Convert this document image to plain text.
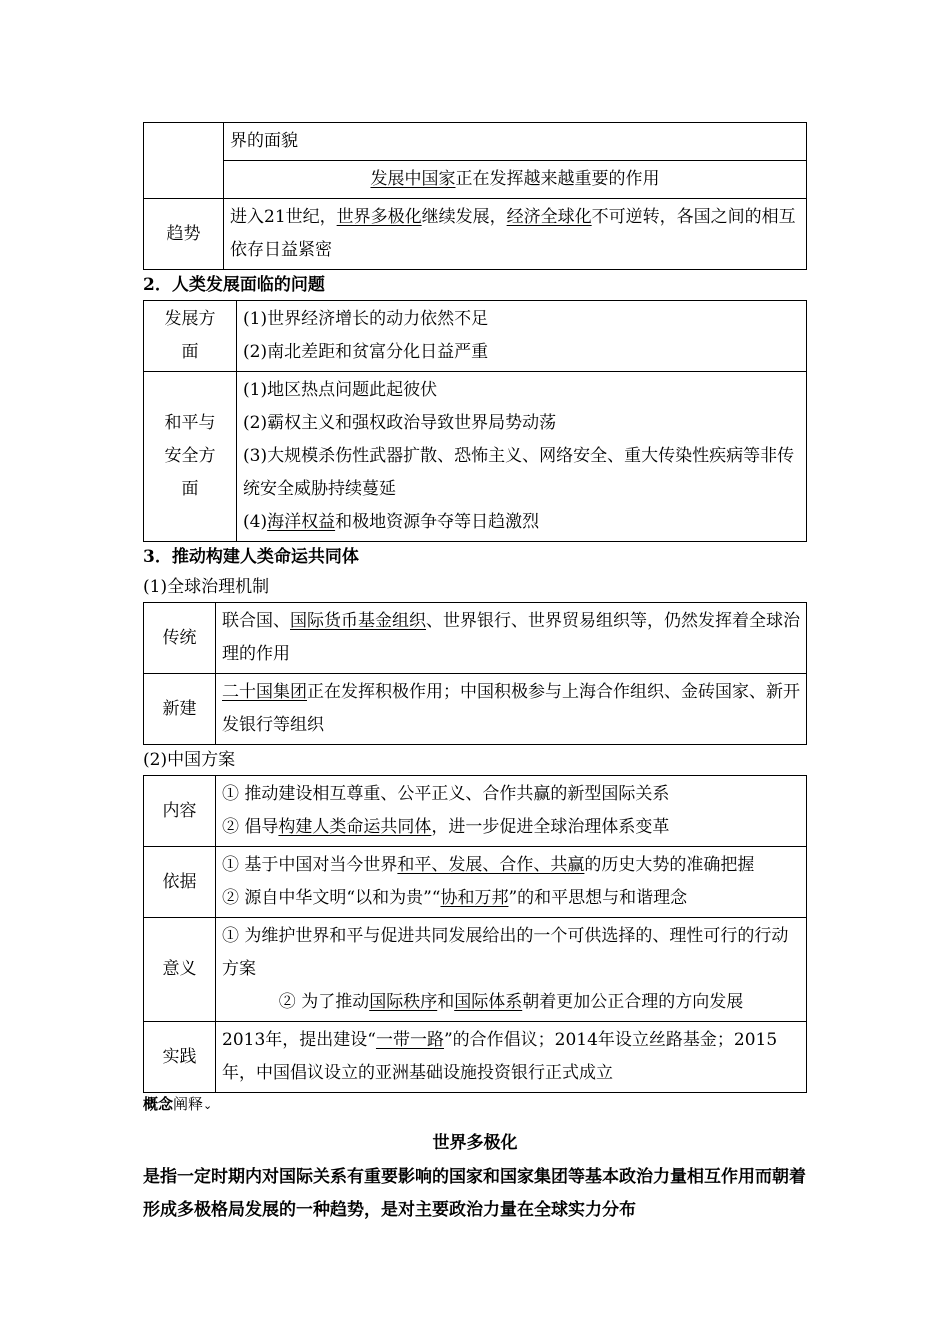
	界的面貌
	发展中国家正在发挥越来越重要的作用
趋势	进入21世纪，世界多极化继续发展，经济全球化不可逆转，各国之间的相互依存日益紧密
2．人类发展面临的问题
发展方面	(1)世界经济增长的动力依然不足
(2)南北差距和贫富分化日益严重

和平与安全方面	(1)地区热点问题此起彼伏
(2)霸权主义和强权政治导致世界局势动荡
(3)大规模杀伤性武器扩散、恐怖主义、网络安全、重大传染性疾病等非传统安全威胁持续蔓延
(4)海洋权益和极地资源争夺等日趋激烈
3．推动构建人类命运共同体
(1)全球治理机制
传统	联合国、国际货币基金组织、世界银行、世界贸易组织等，仍然发挥着全球治理的作用
新建	二十国集团正在发挥积极作用；中国积极参与上海合作组织、金砖国家、新开发银行等组织
(2)中国方案
内容	① 推动建设相互尊重、公平正义、合作共赢的新型国际关系
② 倡导构建人类命运共同体，进一步促进全球治理体系变革

依据	① 基于中国对当今世界和平、发展、合作、共赢的历史大势的准确把握
② 源自中华文明“以和为贵”“协和万邦”的和平思想与和谐理念

意义	① 为维护世界和平与促进共同发展给出的一个可供选择的、理性可行的行动方案
② 为了推动国际秩序和国际体系朝着更加公正合理的方向发展

实践	2013年，提出建设“一带一路”的合作倡议；2014年设立丝路基金；2015年，中国倡议设立的亚洲基础设施投资银行正式成立
概念阐释⌄
世界多极化

是指一定时期内对国际关系有重要影响的国家和国家集团等基本政治力量相互作用而朝着形成多极格局发展的一种趋势，是对主要政治力量在全球实力分布
